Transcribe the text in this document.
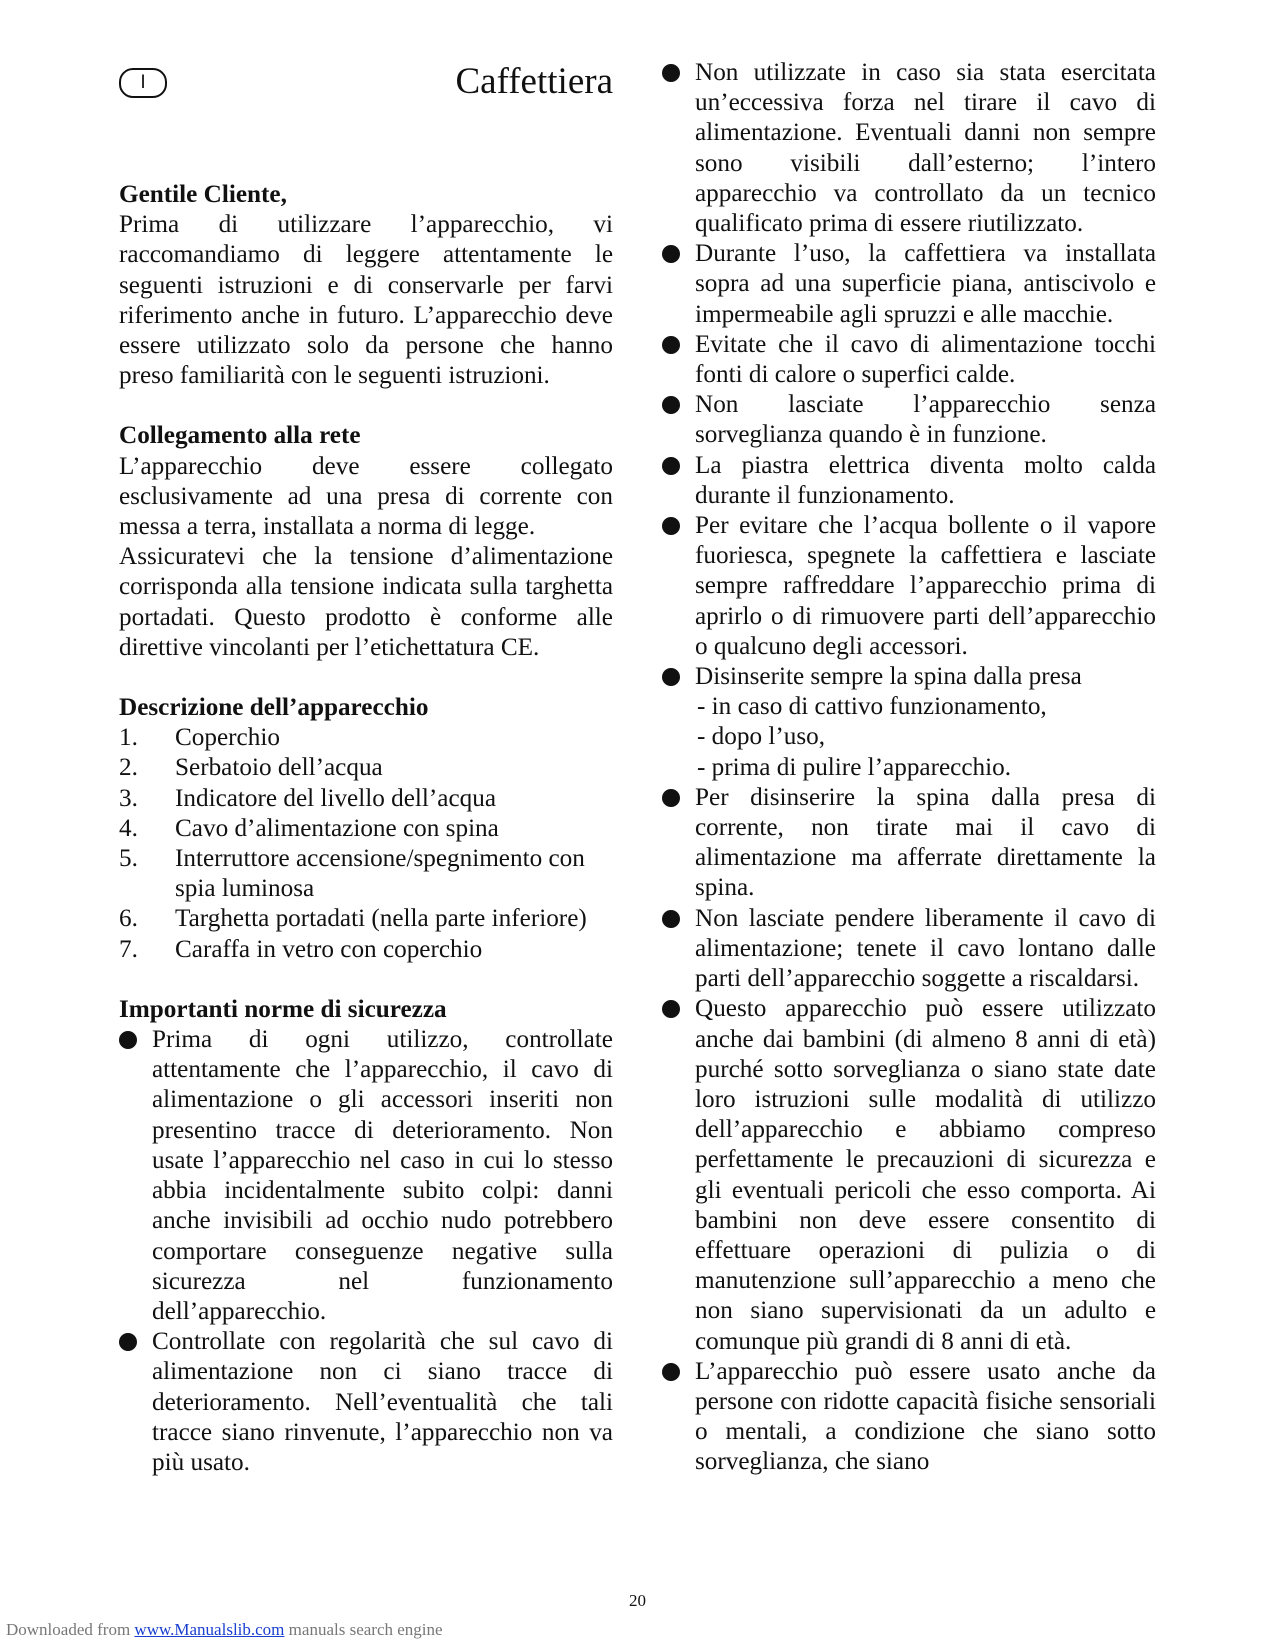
I	Caffettiera

Gentile Cliente,

Prima di utilizzare l’apparecchio, vi raccomandiamo di leggere attentamente le seguenti istruzioni e di conservarle per farvi riferimento anche in futuro. L’apparecchio deve essere utilizzato solo da persone che hanno preso familiarità con le seguenti istruzioni.

Collegamento alla rete

L’apparecchio deve essere collegato esclusivamente ad una presa di corrente con messa a terra, installata a norma di legge.

Assicuratevi che la tensione d’alimentazione corrisponda alla tensione indicata sulla targhetta portadati. Questo prodotto è conforme alle direttive vincolanti per l’etichettatura CE.

Descrizione dell’apparecchio

1.	Coperchio
2.	Serbatoio dell’acqua
3.	Indicatore del livello dell’acqua
4.	Cavo d’alimentazione con spina
5.	Interruttore accensione/spegnimento con spia luminosa
6.	Targhetta portadati (nella parte inferiore)
7.	Caraffa in vetro con coperchio

Importanti norme di sicurezza

Prima di ogni utilizzo, controllate attentamente che l’apparecchio, il cavo di alimentazione o gli accessori inseriti non presentino tracce di deterioramento. Non usate l’apparecchio nel caso in cui lo stesso abbia incidentalmente subito colpi: danni anche invisibili ad occhio nudo potrebbero comportare conseguenze negative sulla sicurezza nel funzionamento dell’apparecchio.

Controllate con regolarità che sul cavo di alimentazione non ci siano tracce di deterioramento. Nell’eventualità che tali tracce siano rinvenute, l’apparecchio non va più usato.

Non utilizzate in caso sia stata esercitata un’eccessiva forza nel tirare il cavo di alimentazione. Eventuali danni non sempre sono visibili dall’esterno; l’intero apparecchio va controllato da un tecnico qualificato prima di essere riutilizzato.

Durante l’uso, la caffettiera va installata sopra ad una superficie piana, antiscivolo e impermeabile agli spruzzi e alle macchie.

Evitate che il cavo di alimentazione tocchi fonti di calore o superfici calde.

Non lasciate l’apparecchio senza sorveglianza quando è in funzione.

La piastra elettrica diventa molto calda durante il funzionamento.

Per evitare che l’acqua bollente o il vapore fuoriesca, spegnete la caffettiera e lasciate sempre raffreddare l’apparecchio prima di aprirlo o di rimuovere parti dell’apparecchio o qualcuno degli accessori.

Disinserite sempre la spina dalla presa

- in caso di cattivo funzionamento,
- dopo l’uso,
- prima di pulire l’apparecchio.

Per disinserire la spina dalla presa di corrente, non tirate mai il cavo di alimentazione ma afferrate direttamente la spina.

Non lasciate pendere liberamente il cavo di alimentazione; tenete il cavo lontano dalle parti dell’apparecchio soggette a riscaldarsi.

Questo apparecchio può essere utilizzato anche dai bambini (di almeno 8 anni di età) purché sotto sorveglianza o siano state date loro istruzioni sulle modalità di utilizzo dell’apparecchio e abbiamo compreso perfettamente le precauzioni di sicurezza e gli eventuali pericoli che esso comporta. Ai bambini non deve essere consentito di effettuare operazioni di pulizia o di manutenzione sull’apparecchio a meno che non siano supervisionati da un adulto e comunque più grandi di 8 anni di età.

L’apparecchio può essere usato anche da persone con ridotte capacità fisiche sensoriali o mentali, a condizione che siano sotto sorveglianza, che siano

20
Downloaded from www.Manualslib.com manuals search engine
